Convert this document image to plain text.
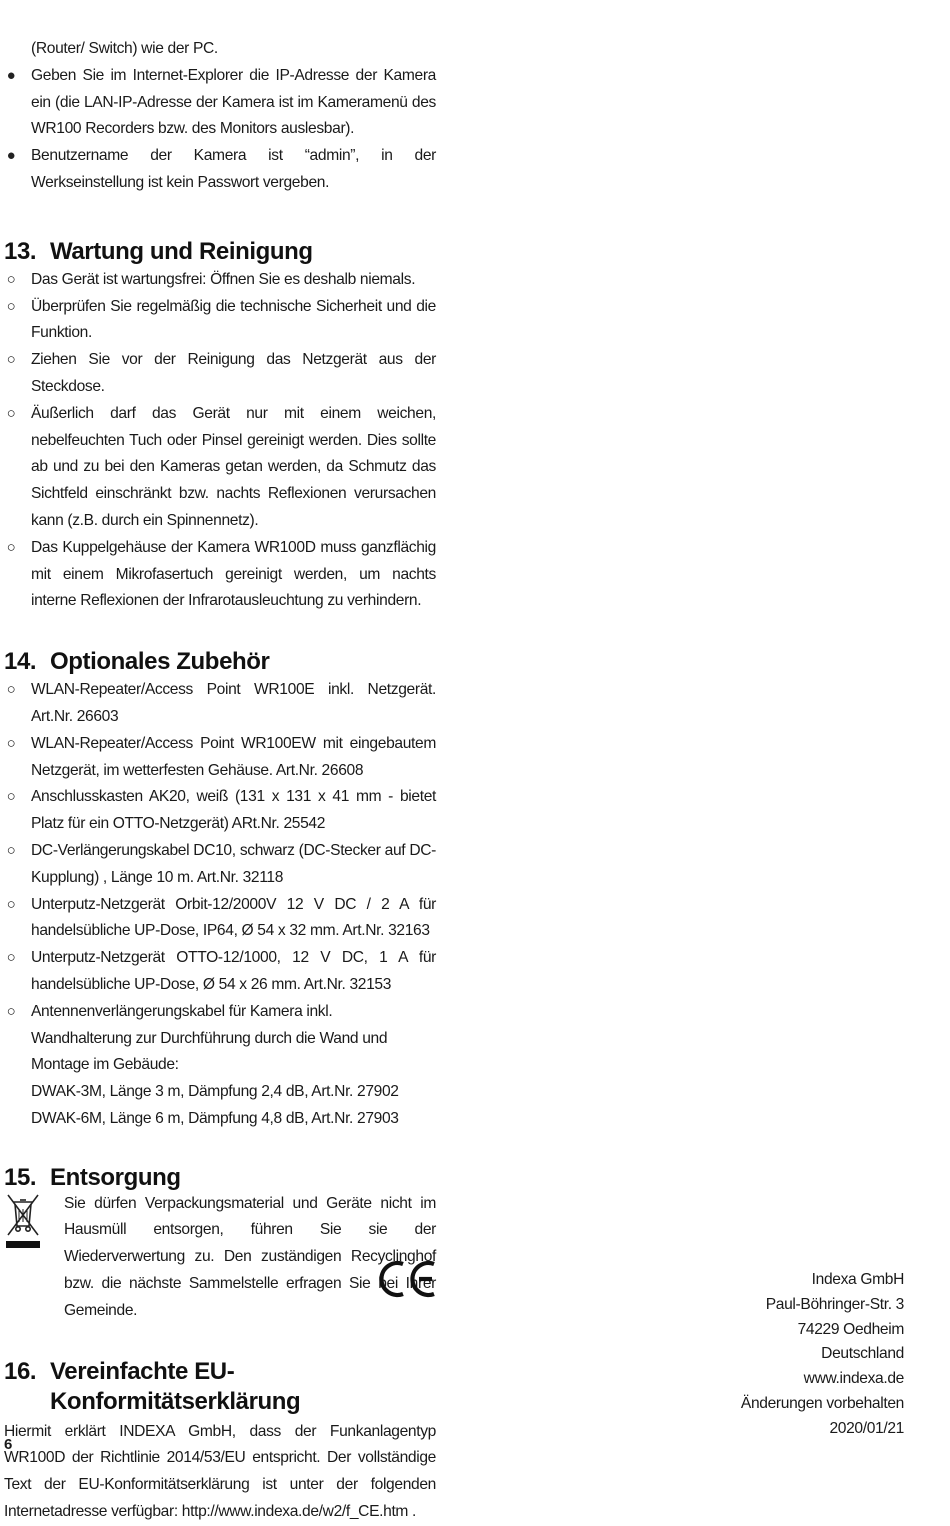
(Router/ Switch) wie der PC.

● Geben Sie im Internet-Explorer die IP-Adresse der Kamera ein (die LAN-IP-Adresse der Kamera ist im Kameramenü des WR100 Recorders bzw. des Monitors auslesbar).
● Benutzername der Kamera ist “admin”, in der Werkseinstellung ist kein Passwort vergeben.
13. Wartung und Reinigung
○ Das Gerät ist wartungsfrei: Öffnen Sie es deshalb niemals.
○ Überprüfen Sie regelmäßig die technische Sicherheit und die Funktion.
○ Ziehen Sie vor der Reinigung das Netzgerät aus der Steckdose.
○ Äußerlich darf das Gerät nur mit einem weichen, nebelfeuchten Tuch oder Pinsel gereinigt werden. Dies sollte ab und zu bei den Kameras getan werden, da Schmutz das Sichtfeld einschränkt bzw. nachts Reflexionen verursachen kann (z.B. durch ein Spinnennetz).
○ Das Kuppelgehäuse der Kamera WR100D muss ganzflächig mit einem Mikrofasertuch gereinigt werden, um nachts interne Reflexionen der Infrarotausleuchtung zu verhindern.
14. Optionales Zubehör
○ WLAN-Repeater/Access Point WR100E inkl. Netzgerät. Art.Nr. 26603
○ WLAN-Repeater/Access Point WR100EW mit eingebautem Netzgerät, im wetterfesten Gehäuse. Art.Nr. 26608
○ Anschlusskasten AK20, weiß (131 x 131 x 41 mm - bietet Platz für ein OTTO-Netzgerät) ARt.Nr. 25542
○ DC-Verlängerungskabel DC10, schwarz (DC-Stecker auf DC-Kupplung) , Länge 10 m. Art.Nr. 32118
○ Unterputz-Netzgerät Orbit-12/2000V 12 V DC / 2 A für handelsübliche UP-Dose, IP64, Ø 54 x 32 mm. Art.Nr. 32163
○ Unterputz-Netzgerät OTTO-12/1000, 12 V DC, 1 A für handelsübliche UP-Dose, Ø 54 x 26 mm. Art.Nr. 32153
○ Antennenverlängerungskabel für Kamera inkl. Wandhalterung zur Durchführung durch die Wand und Montage im Gebäude:
DWAK-3M, Länge 3 m, Dämpfung 2,4 dB, Art.Nr. 27902
DWAK-6M, Länge 6 m, Dämpfung 4,8 dB, Art.Nr. 27903
15. Entsorgung

Sie dürfen Verpackungsmaterial und Geräte nicht im Hausmüll entsorgen, führen Sie sie der Wiederverwertung zu. Den zuständigen Recyclinghof bzw. die nächste Sammelstelle erfragen Sie bei Ihrer Gemeinde.

16. Vereinfachte EU-
Konformitätserklärung

Hiermit erklärt INDEXA GmbH, dass der Funkanlagentyp WR100D der Richtlinie 2014/53/EU entspricht. Der vollständige Text der EU-Konformitätserklärung ist unter der folgenden Internetadresse verfügbar: http://www.indexa.de/w2/f_CE.htm .

Indexa GmbH
Paul-Böhringer-Str. 3
74229 Oedheim
Deutschland
www.indexa.de
Änderungen vorbehalten
2020/01/21
6
